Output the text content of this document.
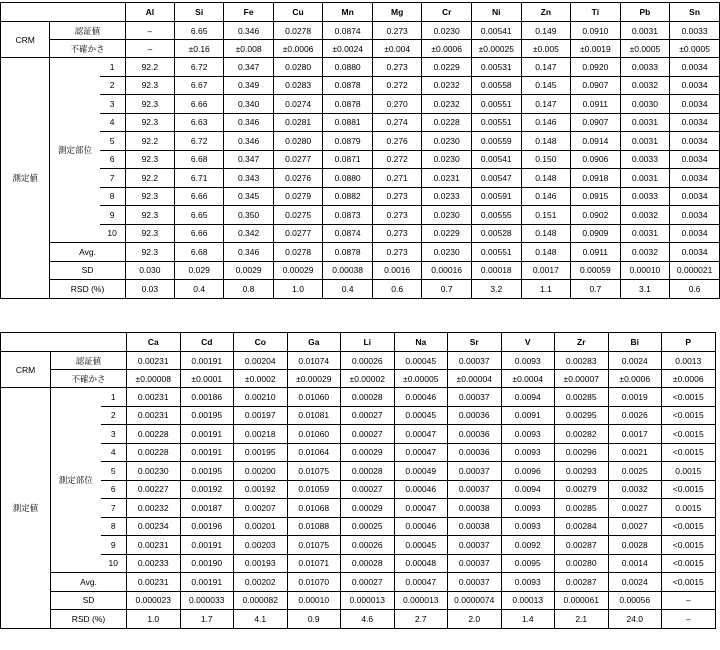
			Al	Si	Fe	Cu	Mn	Mg	Cr	Ni	Zn	Ti	Pb	Sn
CRM	認証値		–	6.65	0.346	0.0278	0.0874	0.273	0.0230	0.00541	0.149	0.0910	0.0031	0.0033
	不確かさ		–	±0.16	±0.008	±0.0006	±0.0024	±0.004	±0.0006	±0.00025	±0.005	±0.0019	±0.0005	±0.0005
測定値	測定部位	1	92.2	6.72	0.347	0.0280	0.0880	0.273	0.0229	0.00531	0.147	0.0920	0.0033	0.0034
		2	92.3	6.67	0.349	0.0283	0.0878	0.272	0.0232	0.00558	0.145	0.0907	0.0032	0.0034
		3	92.3	6.66	0.340	0.0274	0.0878	0.270	0.0232	0.00551	0.147	0.0911	0.0030	0.0034
		4	92.3	6.63	0.346	0.0281	0.0881	0.274	0.0228	0.00551	0.146	0.0907	0.0031	0.0034
		5	92.2	6.72	0.346	0.0280	0.0879	0.276	0.0230	0.00559	0.148	0.0914	0.0031	0.0034
		6	92.3	6.68	0.347	0.0277	0.0871	0.272	0.0230	0.00541	0.150	0.0906	0.0033	0.0034
		7	92.2	6.71	0.343	0.0276	0.0880	0.271	0.0231	0.00547	0.148	0.0918	0.0031	0.0034
		8	92.3	6.66	0.345	0.0279	0.0882	0.273	0.0233	0.00591	0.146	0.0915	0.0033	0.0034
		9	92.3	6.65	0.350	0.0275	0.0873	0.273	0.0230	0.00555	0.151	0.0902	0.0032	0.0034
		10	92.3	6.66	0.342	0.0277	0.0874	0.273	0.0229	0.00528	0.148	0.0909	0.0031	0.0034
	Avg.		92.3	6.68	0.346	0.0278	0.0878	0.273	0.0230	0.00551	0.148	0.0911	0.0032	0.0034
	SD		0.030	0.029	0.0029	0.00029	0.00038	0.0016	0.00016	0.00018	0.0017	0.00059	0.00010	0.000021
	RSD (%)		0.03	0.4	0.8	1.0	0.4	0.6	0.7	3.2	1.1	0.7	3.1	0.6
			Ca	Cd	Co	Ga	Li	Na	Sr	V	Zr	Bi	P
CRM	認証値		0.00231	0.00191	0.00204	0.01074	0.00026	0.00045	0.00037	0.0093	0.00283	0.0024	0.0013
	不確かさ		±0.00008	±0.0001	±0.0002	±0.00029	±0.00002	±0.00005	±0.00004	±0.0004	±0.00007	±0.0006	±0.0006
測定値	測定部位	1	0.00231	0.00186	0.00210	0.01060	0.00028	0.00046	0.00037	0.0094	0.00285	0.0019	<0.0015
		2	0.00231	0.00195	0.00197	0.01081	0.00027	0.00045	0.00036	0.0091	0.00295	0.0026	<0.0015
		3	0.00228	0.00191	0.00218	0.01060	0.00027	0.00047	0.00036	0.0093	0.00282	0.0017	<0.0015
		4	0.00228	0.00191	0.00195	0.01064	0.00029	0.00047	0.00036	0.0093	0.00296	0.0021	<0.0015
		5	0.00230	0.00195	0.00200	0.01075	0.00028	0.00049	0.00037	0.0096	0.00293	0.0025	0.0015
		6	0.00227	0.00192	0.00192	0.01059	0.00027	0.00046	0.00037	0.0094	0.00279	0.0032	<0.0015
		7	0.00232	0.00187	0.00207	0.01068	0.00029	0.00047	0.00038	0.0093	0.00285	0.0027	0.0015
		8	0.00234	0.00196	0.00201	0.01088	0.00025	0.00046	0.00038	0.0093	0.00284	0.0027	<0.0015
		9	0.00231	0.00191	0.00203	0.01075	0.00026	0.00045	0.00037	0.0092	0.00287	0.0028	<0.0015
		10	0.00233	0.00190	0.00193	0.01071	0.00028	0.00048	0.00037	0.0095	0.00280	0.0014	<0.0015
	Avg.		0.00231	0.00191	0.00202	0.01070	0.00027	0.00047	0.00037	0.0093	0.00287	0.0024	<0.0015
	SD		0.000023	0.000033	0.000082	0.00010	0.000013	0.000013	0.0000074	0.00013	0.000061	0.00056	–
	RSD (%)		1.0	1.7	4.1	0.9	4.6	2.7	2.0	1.4	2.1	24.0	–
